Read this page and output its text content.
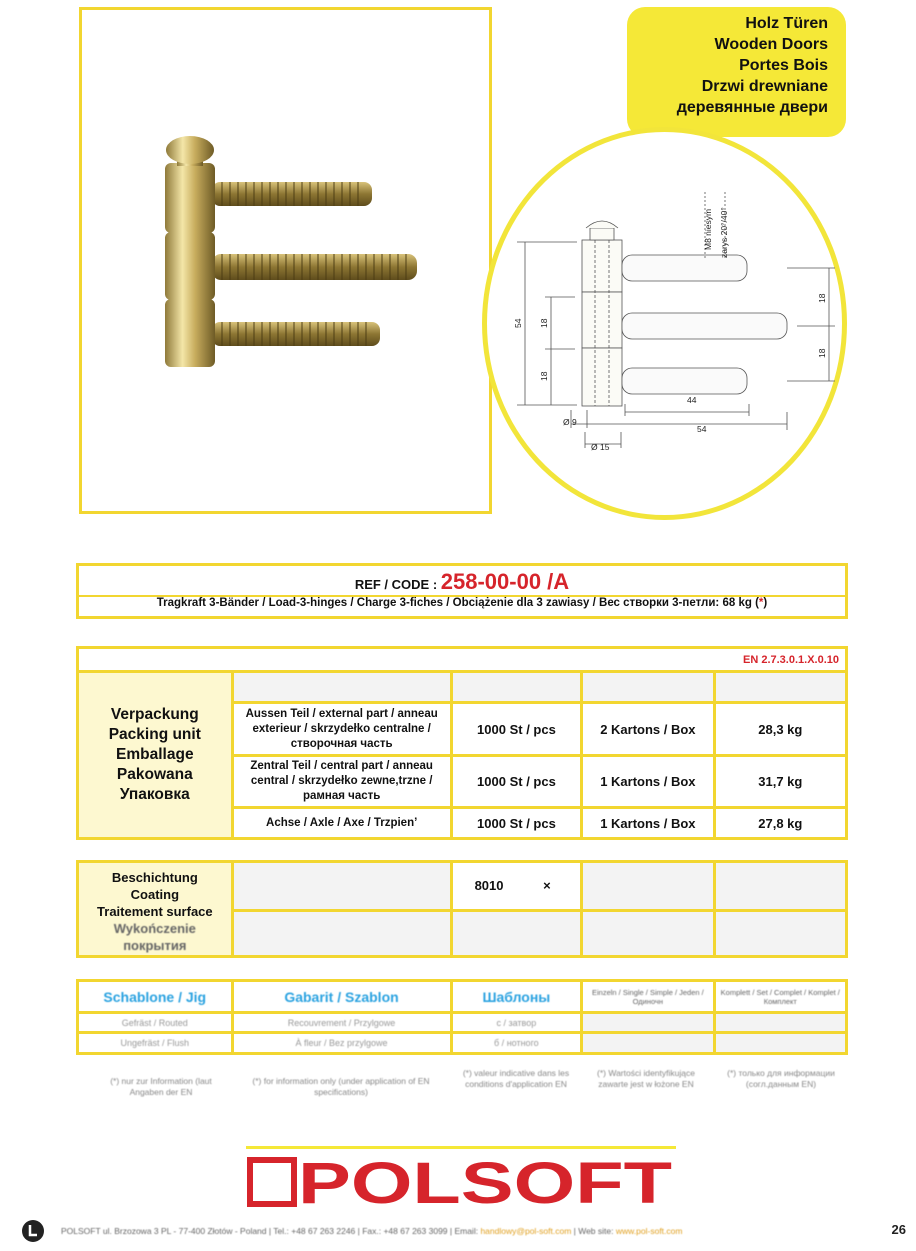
Holz Türen
Wooden Doors
Portes Bois
Drzwi drewniane
деревянные двери
M8 niesym zarys 20°/40°
54 18
18
18
18
44
Ø 9
54
Ø 15
REF / CODE : 258-00-00 /A
Tragkraft 3-Bänder / Load-3-hinges / Charge 3-fiches / Obciążenie dla 3 zawiasy / Вес створки 3-петли: 68 kg (*)
EN 2.7.3.0.1.X.0.10				

Verpackung
Packing unit
Emballage
Pakowana
Упаковка				

	Aussen Teil / external part / anneau exterieur / skrzydełko centralne / створочная часть	1000 St / pcs	2 Kartons / Box	28,3 kg
	Zentral Teil / central part / anneau central / skrzydełko zewne,trzne / рамная часть	1000 St / pcs	1 Kartons / Box	31,7 kg
	Achse / Axle / Axe / Trzpien’	1000 St / pcs	1 Kartons / Box	27,8 kg
Beschichtung
Coating
Traitement surface
Wykończenie
покрытия		8010 ×		

Schablone / Jig	Gabarit / Szablon	Шаблоны	Einzeln / Single / Simple / Jeden / Одиночн	Komplett / Set / Complet / Komplet / Комплект
Gefräst / Routed	Recouvrement / Przylgowe	с / затвор		
Ungefräst / Flush	À fleur / Bez przylgowe	б / нотного		
(*) nur zur Information (laut Angaben der EN
(*) for information only (under application of EN specifications)
(*) valeur indicative dans les conditions d'application EN
(*) Wartości identyfikujące zawarte jest w łożone EN
(*) только для информации (согл.данным EN)
POLSOFT
POLSOFT ul. Brzozowa 3 PL - 77-400 Złotów - Poland | Tel.: +48 67 263 2246 | Fax.: +48 67 263 3099 | Email: handlowy@pol-soft.com | Web site: www.pol-soft.com	26
